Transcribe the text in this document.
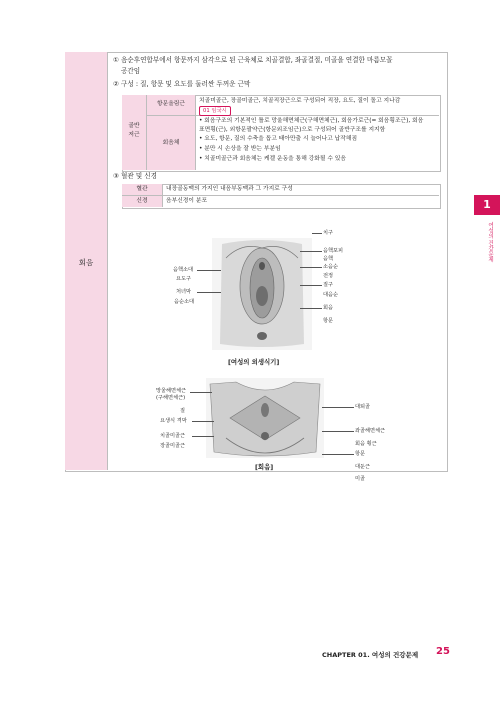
회음
① 음순후연합부에서 항문까지 삼각으로 된 근육체로 치골결합, 좌골결절, 미골을 연결한 마름모꼴
공간임
② 구성 : 질, 항문 및 요도를 둘러싼 두꺼운 근막
골반
저근
항문올림근
회음체
치골미골근, 장골미골근, 치골직장근으로 구성되어 직장, 요도, 질이 돌고 지나감
01 임국시
• 회음구조의 기본적인 틀로 망울해면체근(구해면체근), 회음가로근(= 회음횡조근), 회음
표면횡(근), 외항문괄약근(항문외조임근)으로 구성되어 골반구조를 지지함
• 요도, 항문, 질의 수축을 돕고 태아만출 시 늘어나고 납작해짐
• 분만 시 손상을 잘 받는 부분임
• 치골미골근과 회음체는 케겔 운동을 통해 강화될 수 있음
③ 혈관 및 신경
혈관
신경
내장골동맥의 가지인 내음부동맥과 그 가지로 구성
음부신경이 분포
치구
음핵포피
음핵
소음순
전정
질구
대음순
회음
항문
음핵소대
요도구
처녀막
음순소대
[여성의 외생식기]
망울해면체근
(구해면체근)
질
요생식 격막
치골미골근
장골미골근
대퇴골
좌골해면체근
회음 횡근
항문
대둔근
미골
[회음]
1
여성의 건강문제
CHAPTER 01. 여성의 건강문제 25
